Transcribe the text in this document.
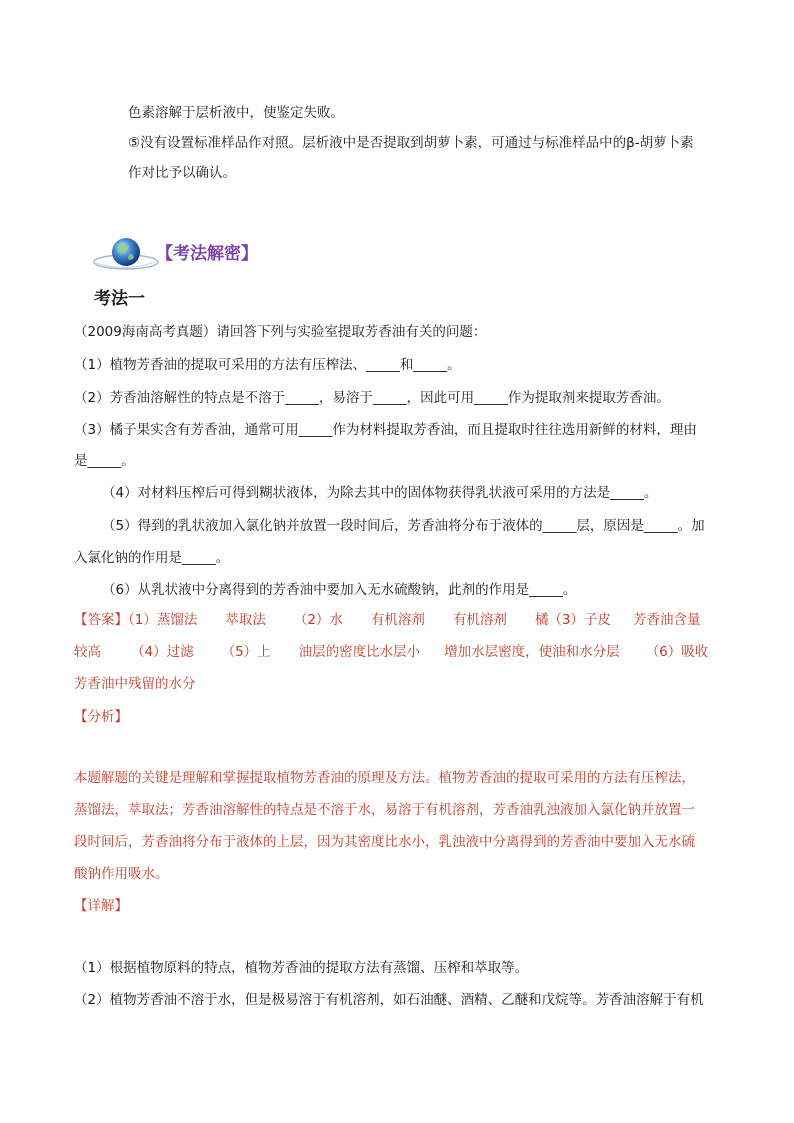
色素溶解于层析液中，使鉴定失败。
⑤没有设置标准样品作对照。层析液中是否提取到胡萝卜素，可通过与标准样品中的β-胡萝卜素
作对比予以确认。
【考法解密】
考法一
（2009海南高考真题）请回答下列与实验室提取芳香油有关的问题：
（1）植物芳香油的提取可采用的方法有压榨法、_____和_____。
（2）芳香油溶解性的特点是不溶于_____，易溶于_____，因此可用_____作为提取剂来提取芳香油。
（3）橘子果实含有芳香油，通常可用_____作为材料提取芳香油，而且提取时往往选用新鲜的材料，理由
是_____。
（4）对材料压榨后可得到糊状液体，为除去其中的固体物获得乳状液可采用的方法是_____。
（5）得到的乳状液加入氯化钠并放置一段时间后，芳香油将分布于液体的_____层，原因是_____。加
入氯化钠的作用是_____。
（6）从乳状液中分离得到的芳香油中要加入无水硫酸钠，此剂的作用是_____。
【答案】（1）蒸馏法 萃取法 （2）水 有机溶剂 有机溶剂 橘（3）子皮 芳香油含量
较高 （4）过滤 （5）上 油层的密度比水层小 增加水层密度，使油和水分层 （6）吸收
芳香油中残留的水分
【分析】
本题解题的关键是理解和掌握提取植物芳香油的原理及方法。植物芳香油的提取可采用的方法有压榨法，
蒸馏法，萃取法；芳香油溶解性的特点是不溶于水，易溶于有机溶剂，芳香油乳浊液加入氯化钠并放置一
段时间后，芳香油将分布于液体的上层，因为其密度比水小，乳浊液中分离得到的芳香油中要加入无水硫
酸钠作用吸水。
【详解】
（1）根据植物原料的特点，植物芳香油的提取方法有蒸馏、压榨和萃取等。
（2）植物芳香油不溶于水，但是极易溶于有机溶剂，如石油醚、酒精、乙醚和戊烷等。芳香油溶解于有机
